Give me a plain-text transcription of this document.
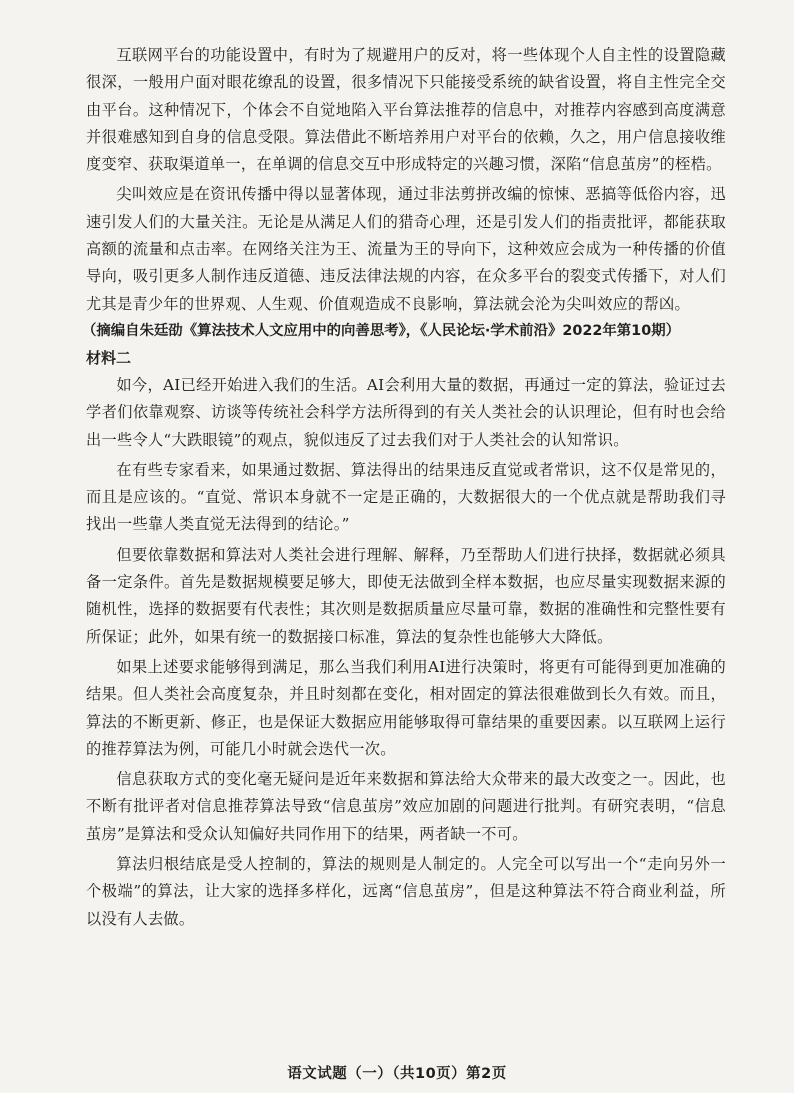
互联网平台的功能设置中，有时为了规避用户的反对，将一些体现个人自主性的设置隐藏很深，一般用户面对眼花缭乱的设置，很多情况下只能接受系统的缺省设置，将自主性完全交由平台。这种情况下，个体会不自觉地陷入平台算法推荐的信息中，对推荐内容感到高度满意并很难感知到自身的信息受限。算法借此不断培养用户对平台的依赖，久之，用户信息接收维度变窄、获取渠道单一，在单调的信息交互中形成特定的兴趣习惯，深陷“信息茧房”的桎梏。

尖叫效应是在资讯传播中得以显著体现，通过非法剪拼改编的惊悚、恶搞等低俗内容，迅速引发人们的大量关注。无论是从满足人们的猎奇心理，还是引发人们的指责批评，都能获取高额的流量和点击率。在网络关注为王、流量为王的导向下，这种效应会成为一种传播的价值导向，吸引更多人制作违反道德、违反法律法规的内容，在众多平台的裂变式传播下，对人们尤其是青少年的世界观、人生观、价值观造成不良影响，算法就会沦为尖叫效应的帮凶。

（摘编自朱廷劭《算法技术人文应用中的向善思考》，《人民论坛·学术前沿》2022年第10期）

材料二

如今，AI已经开始进入我们的生活。AI会利用大量的数据，再通过一定的算法，验证过去学者们依靠观察、访谈等传统社会科学方法所得到的有关人类社会的认识理论，但有时也会给出一些令人“大跌眼镜”的观点，貌似违反了过去我们对于人类社会的认知常识。

在有些专家看来，如果通过数据、算法得出的结果违反直觉或者常识，这不仅是常见的，而且是应该的。“直觉、常识本身就不一定是正确的，大数据很大的一个优点就是帮助我们寻找出一些靠人类直觉无法得到的结论。”

但要依靠数据和算法对人类社会进行理解、解释，乃至帮助人们进行抉择，数据就必须具备一定条件。首先是数据规模要足够大，即使无法做到全样本数据，也应尽量实现数据来源的随机性，选择的数据要有代表性；其次则是数据质量应尽量可靠，数据的准确性和完整性要有所保证；此外，如果有统一的数据接口标准，算法的复杂性也能够大大降低。

如果上述要求能够得到满足，那么当我们利用AI进行决策时，将更有可能得到更加准确的结果。但人类社会高度复杂，并且时刻都在变化，相对固定的算法很难做到长久有效。而且，算法的不断更新、修正，也是保证大数据应用能够取得可靠结果的重要因素。以互联网上运行的推荐算法为例，可能几小时就会迭代一次。

信息获取方式的变化毫无疑问是近年来数据和算法给大众带来的最大改变之一。因此，也不断有批评者对信息推荐算法导致“信息茧房”效应加剧的问题进行批判。有研究表明，“信息茧房”是算法和受众认知偏好共同作用下的结果，两者缺一不可。

算法归根结底是受人控制的，算法的规则是人制定的。人完全可以写出一个“走向另外一个极端”的算法，让大家的选择多样化，远离“信息茧房”，但是这种算法不符合商业利益，所以没有人去做。

语文试题（一）（共10页）第2页
